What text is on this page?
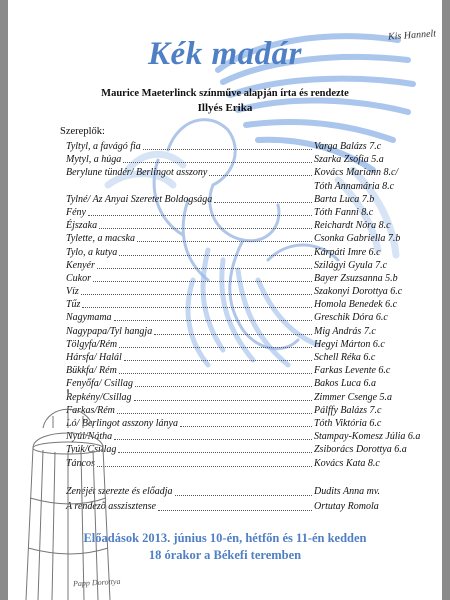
Kék madár
Kis Hannelt
Maurice Maeterlinck színműve alapján írta és rendezte
Illyés Erika
Szereplők:
Tyltyl, a favágó fia	Varga Balázs 7.c
Mytyl, a húga	Szarka Zsófia 5.a
Berylune tündér/ Berlingot asszony	Kovács Mariann 8.c/
Tóth Annamária 8.c
Tylné/ Az Anyai Szeretet Boldogsága	Barta Luca 7.b
Fény	Tóth Fanni 8.c
Éjszaka	Reichardt Nóra 8.c
Tylette, a macska	Csonka Gabriella 7.b
Tylo, a kutya	Kárpáti Imre 6.c
Kenyér	Szilágyi Gyula 7.c
Cukor	Bayer Zsuzsanna 5.b
Víz	Szakonyi Dorottya 6.c
Tűz	Homola Benedek 6.c
Nagymama	Greschik Dóra 6.c
Nagypapa/Tyl hangja	Mig András 7.c
Tölgyfa/Rém	Hegyi Márton 6.c
Hársfa/ Halál	Schell Réka 6.c
Bükkfa/ Rém	Farkas Levente 6.c
Fenyőfa/ Csillag	Bakos Luca 6.a
Repkény/Csillag	Zimmer Csenge 5.a
Farkas/Rém	Pálffy Balázs 7.c
Ló/ Berlingot asszony lánya	Tóth Viktória 6.c
Nyúl/Nátha	Stampay-Komesz Júlia 6.a
Tyúk/Csillag	Zsiborács Dorottya 6.a
Táncos	Kovács Kata 8.c
Zenéjét szerezte és előadja	Dudits Anna mv.
A rendező asszisztense	Ortutay Romola
Papp Dorottya
Előadások 2013. június 10-én, hétfőn és 11-én kedden
18 órakor a Békefi teremben
